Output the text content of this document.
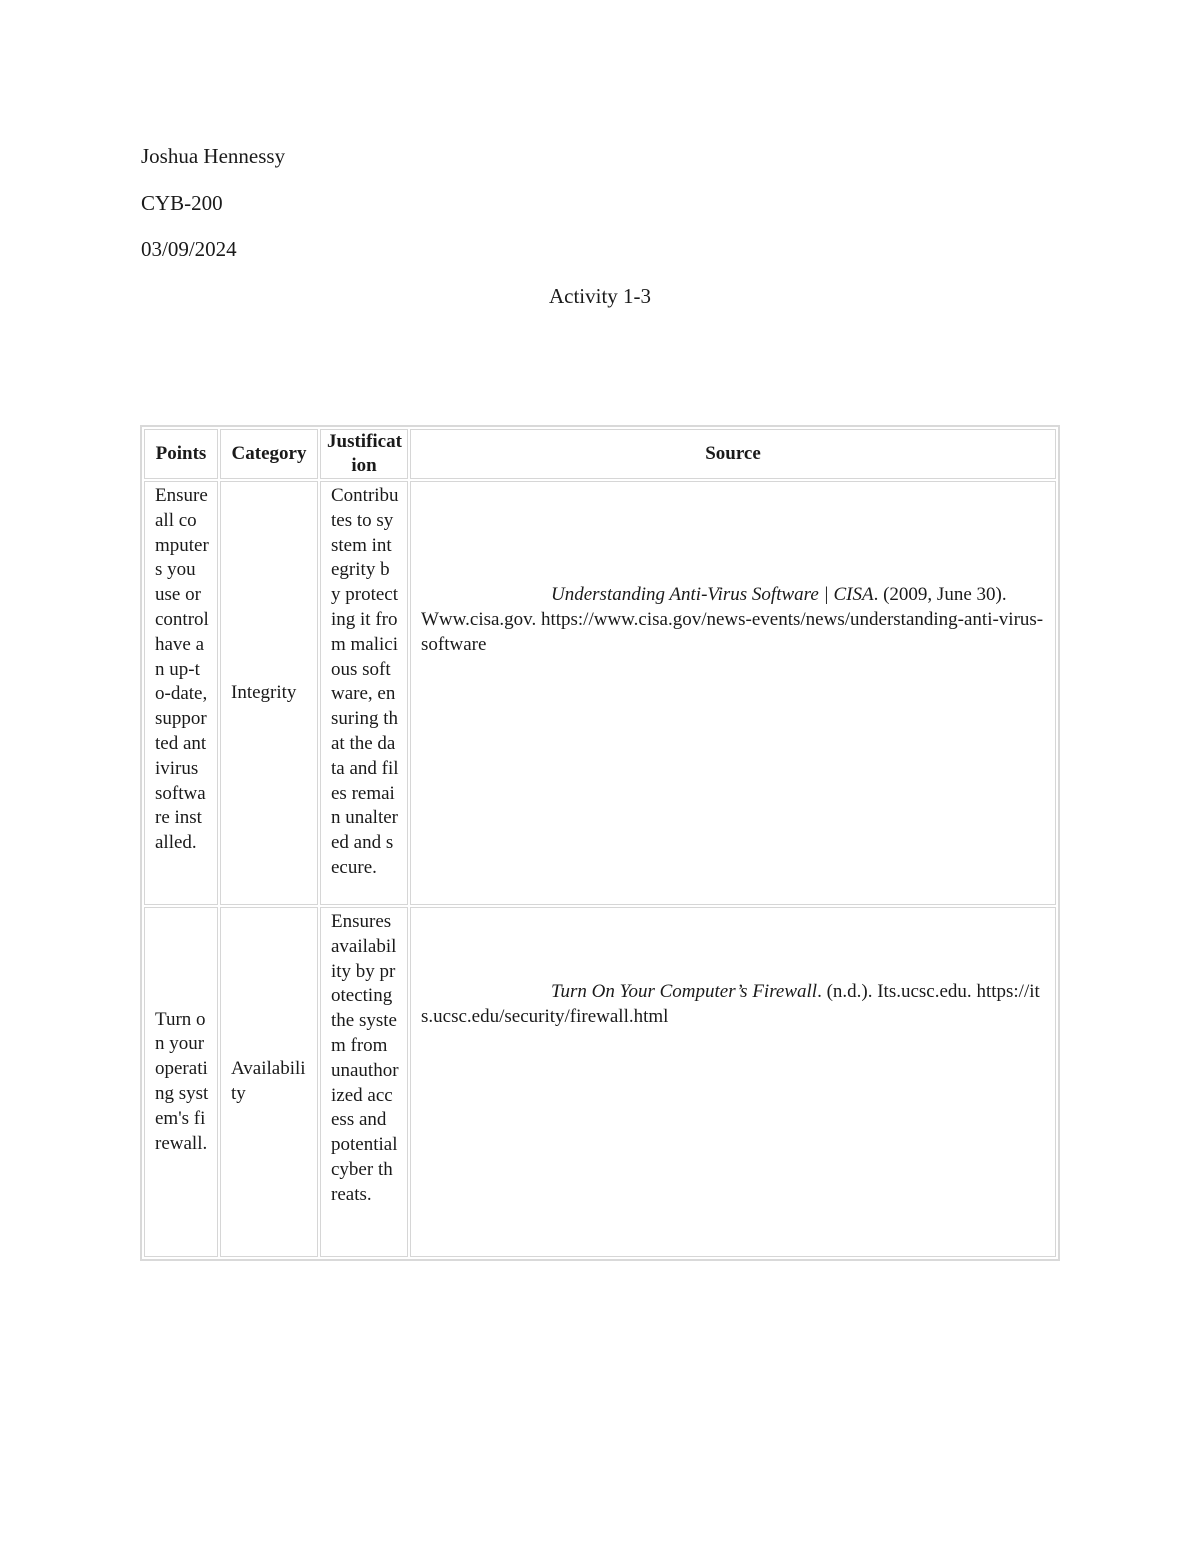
Joshua Hennessy
CYB-200
03/09/2024
Activity 1-3
Points	Category	Justificat ion	Source
Ensure all computers you use or control have an up-to-date, supported antivirus software installed.	Integrity	Contributes to system integrity by protecting it from malicious software, ensuring that the data and files remain unaltered and secure.	Understanding Anti-Virus Software | CISA. (2009, June 30). Www.cisa.gov. https://www.cisa.gov/news-events/news/understanding-anti-virus-software
Turn on your operating system's firewall.	Availability	Ensures availability by protecting the system from unauthorized access and potential cyber threats.	Turn On Your Computer’s Firewall. (n.d.). Its.ucsc.edu. https://its.ucsc.edu/security/firewall.html
